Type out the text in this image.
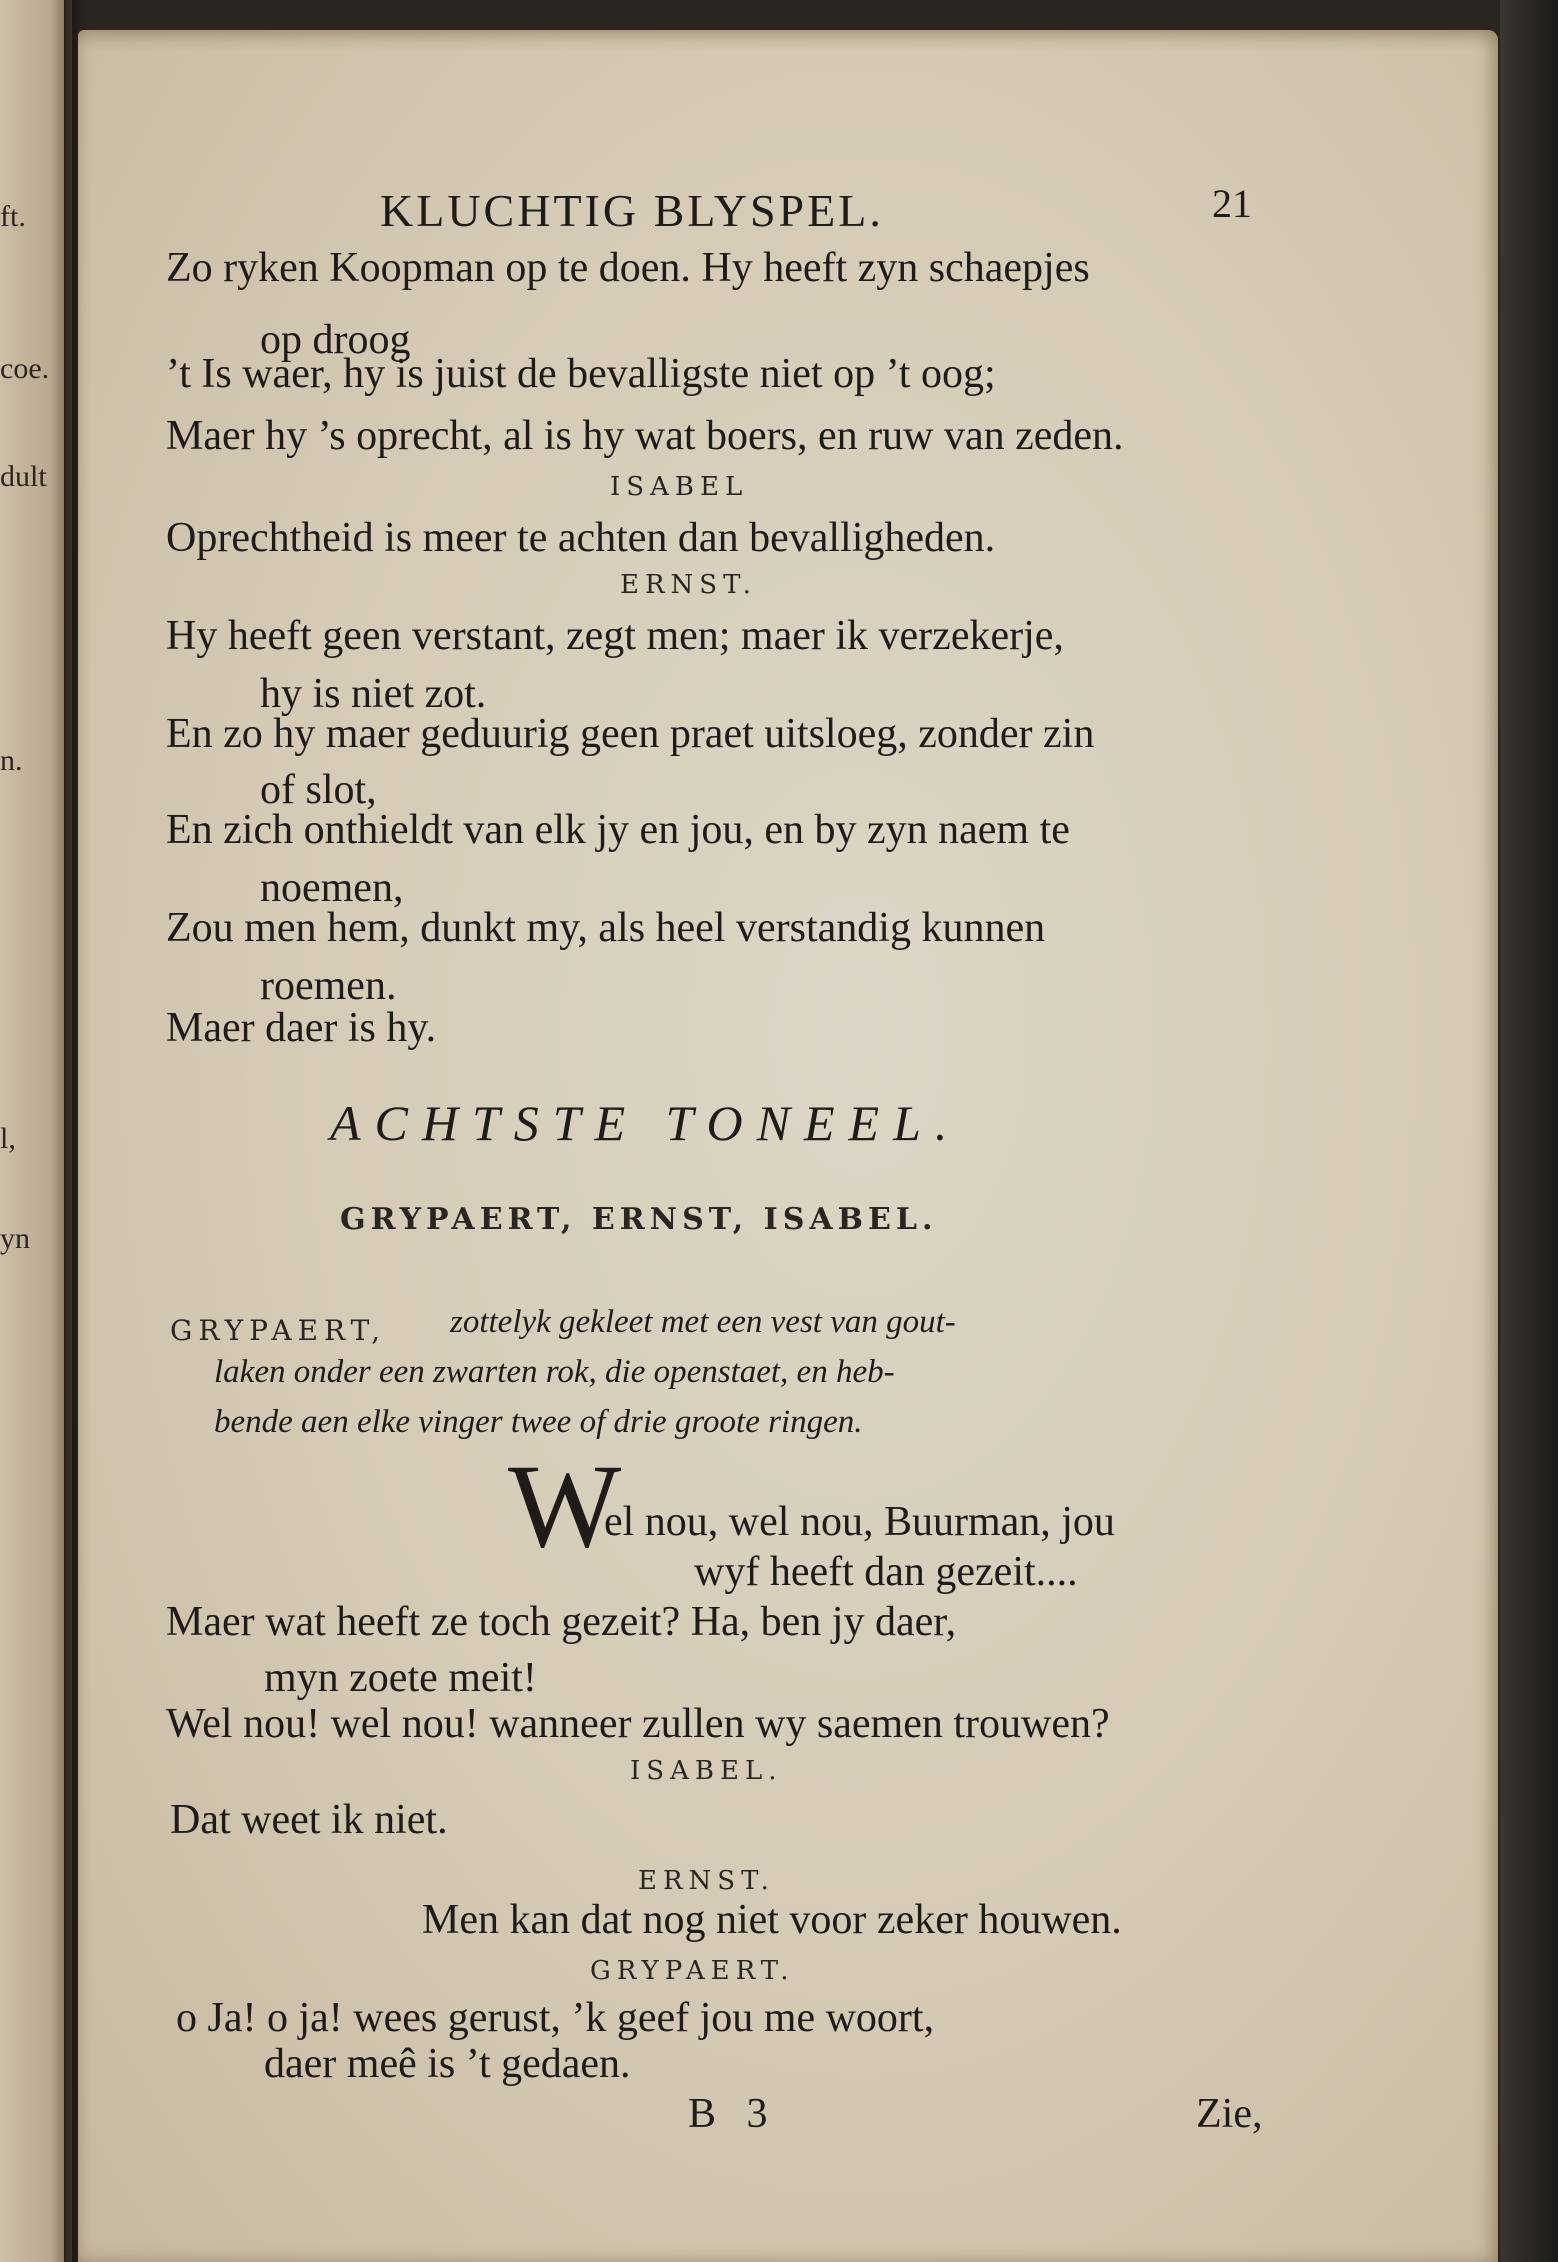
ft.
coe.
dult
n.
l,
yn
KLUCHTIG BLYSPEL.	21
Zo ryken Koopman op te doen. Hy heeft zyn schaepjes
op droog
’t Is waer, hy is juist de bevalligste niet op ’t oog;
Maer hy ’s oprecht, al is hy wat boers, en ruw van zeden.
ISABEL
Oprechtheid is meer te achten dan bevalligheden.
ERNST.
Hy heeft geen verstant, zegt men; maer ik verzekerje,
hy is niet zot.
En zo hy maer geduurig geen praet uitsloeg, zonder zin
of slot,
En zich onthieldt van elk jy en jou, en by zyn naem te
noemen,
Zou men hem, dunkt my, als heel verstandig kunnen
roemen.
Maer daer is hy.
ACHTSTE TONEEL.
GRYPAERT, ERNST, ISABEL.
GRYPAERT, zottelyk gekleet met een vest van gout-
laken onder een zwarten rok, die openstaet, en heb-
bende aen elke vinger twee of drie groote ringen.
W
el nou, wel nou, Buurman, jou
wyf heeft dan gezeit....
Maer wat heeft ze toch gezeit? Ha, ben jy daer,
myn zoete meit!
Wel nou! wel nou! wanneer zullen wy saemen trouwen?
ISABEL.
Dat weet ik niet.
ERNST.
Men kan dat nog niet voor zeker houwen.
GRYPAERT.
o Ja! o ja! wees gerust, ’k geef jou me woort,
daer meê is ’t gedaen.
B 3	Zie,
